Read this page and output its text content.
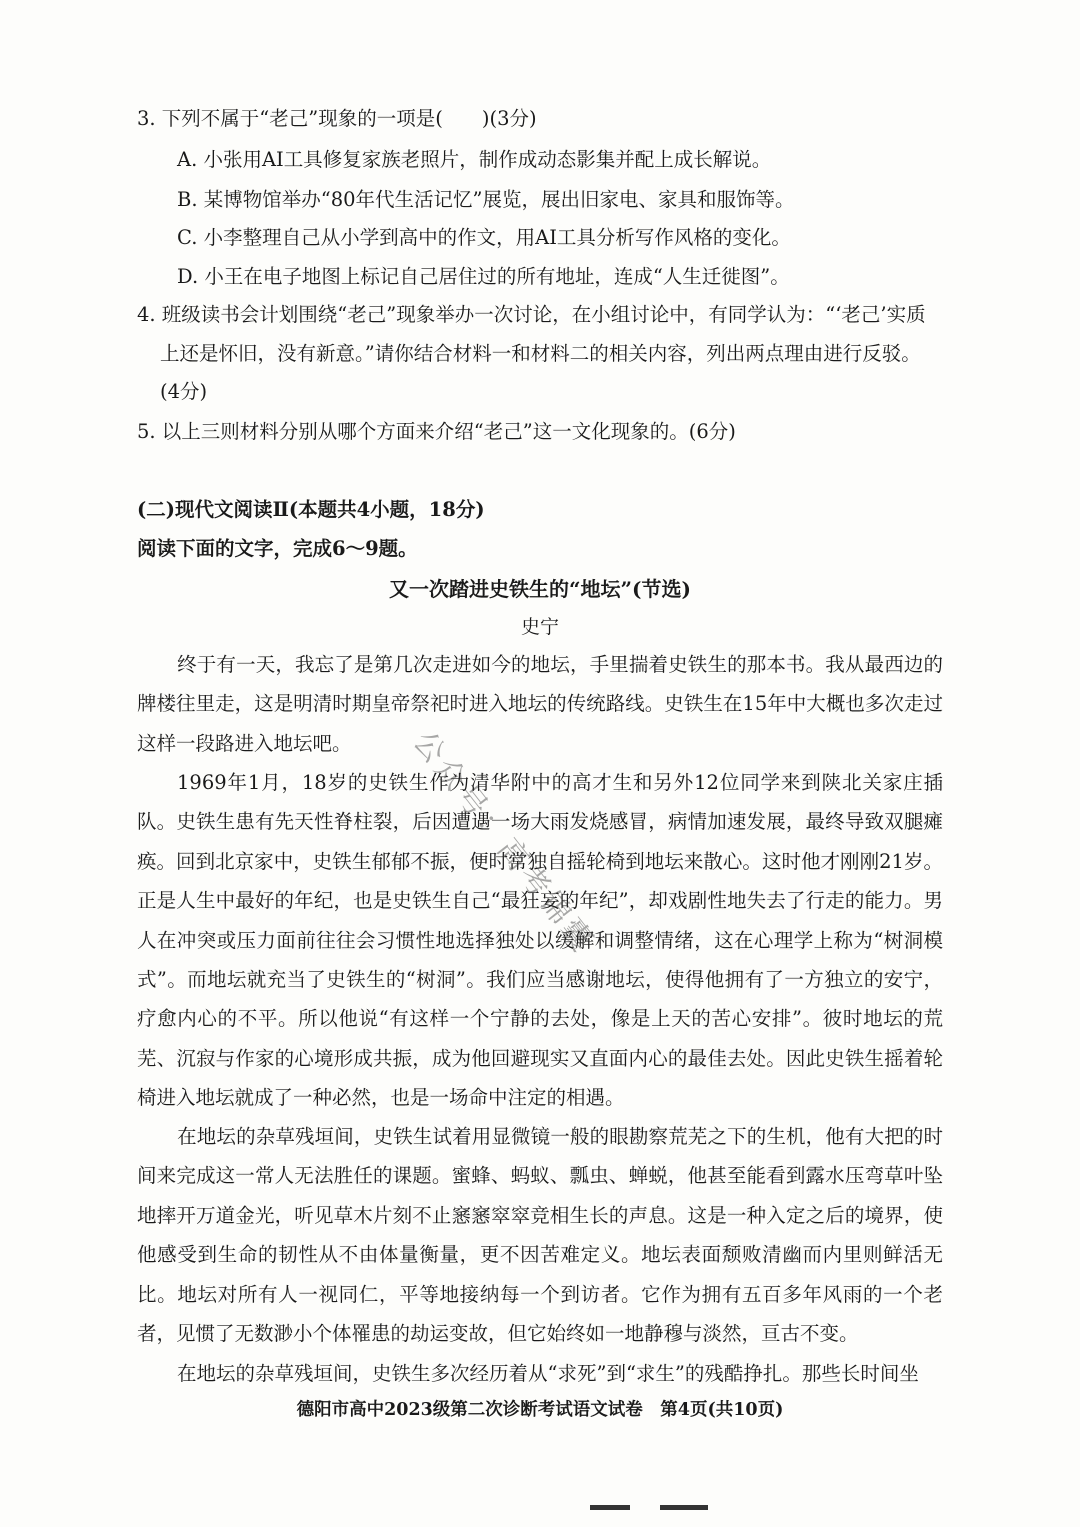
3. 下列不属于“老己”现象的一项是(　　)(3分)
A. 小张用AI工具修复家族老照片，制作成动态影集并配上成长解说。
B. 某博物馆举办“80年代生活记忆”展览，展出旧家电、家具和服饰等。
C. 小李整理自己从小学到高中的作文，用AI工具分析写作风格的变化。
D. 小王在电子地图上标记自己居住过的所有地址，连成“人生迁徙图”。
4. 班级读书会计划围绕“老己”现象举办一次讨论，在小组讨论中，有同学认为：“‘老己’实质
上还是怀旧，没有新意。”请你结合材料一和材料二的相关内容，列出两点理由进行反驳。
(4分)
5. 以上三则材料分别从哪个方面来介绍“老己”这一文化现象的。(6分)
(二)现代文阅读Ⅱ(本题共4小题，18分)
阅读下面的文字，完成6～9题。
又一次踏进史铁生的“地坛”(节选)
史宁

终于有一天，我忘了是第几次走进如今的地坛，手里揣着史铁生的那本书。我从最西边的牌楼往里走，这是明清时期皇帝祭祀时进入地坛的传统路线。史铁生在15年中大概也多次走过这样一段路进入地坛吧。

1969年1月，18岁的史铁生作为清华附中的高才生和另外12位同学来到陕北关家庄插队。史铁生患有先天性脊柱裂，后因遭遇一场大雨发烧感冒，病情加速发展，最终导致双腿瘫痪。回到北京家中，史铁生郁郁不振，便时常独自摇轮椅到地坛来散心。这时他才刚刚21岁。正是人生中最好的年纪，也是史铁生自己“最狂妄的年纪”，却戏剧性地失去了行走的能力。男人在冲突或压力面前往往会习惯性地选择独处以缓解和调整情绪，这在心理学上称为“树洞模式”。而地坛就充当了史铁生的“树洞”。我们应当感谢地坛，使得他拥有了一方独立的安宁，疗愈内心的不平。所以他说“有这样一个宁静的去处，像是上天的苦心安排”。彼时地坛的荒芜、沉寂与作家的心境形成共振，成为他回避现实又直面内心的最佳去处。因此史铁生摇着轮椅进入地坛就成了一种必然，也是一场命中注定的相遇。

在地坛的杂草残垣间，史铁生试着用显微镜一般的眼勘察荒芜之下的生机，他有大把的时间来完成这一常人无法胜任的课题。蜜蜂、蚂蚁、瓢虫、蝉蜕，他甚至能看到露水压弯草叶坠地摔开万道金光，听见草木片刻不止窸窸窣窣竞相生长的声息。这是一种入定之后的境界，使他感受到生命的韧性从不由体量衡量，更不因苦难定义。地坛表面颓败清幽而内里则鲜活无比。地坛对所有人一视同仁，平等地接纳每一个到访者。它作为拥有五百多年风雨的一个老者，见惯了无数渺小个体罹患的劫运变故，但它始终如一地静穆与淡然，亘古不变。

在地坛的杂草残垣间，史铁生多次经历着从“求死”到“求生”的残酷挣扎。那些长时间坐

德阳市高中2023级第二次诊断考试语文试卷　第4页(共10页)
公众号：高考锦囊
